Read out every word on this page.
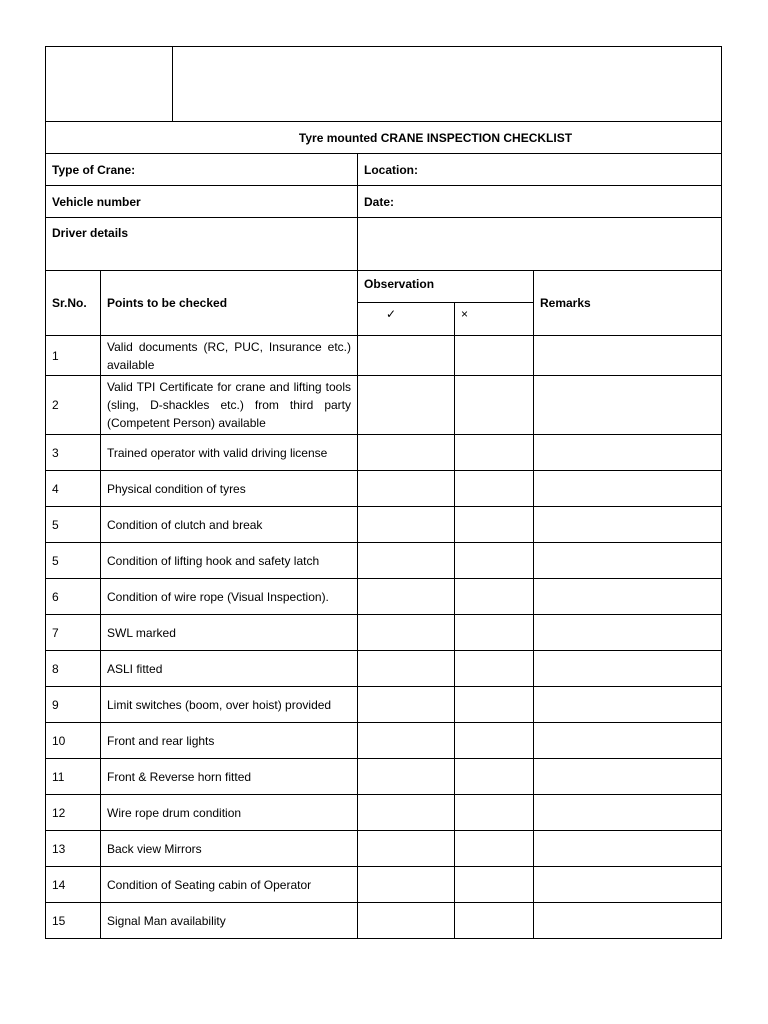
Tyre mounted CRANE INSPECTION CHECKLIST					
Type of Crane:			Location:		
Vehicle number			Date:		
Driver details					
Sr.No.	Points to be checked		Observation		Remarks
			✓	×	
1	Valid documents (RC, PUC, Insurance etc.) available				
2	Valid TPI Certificate for crane and lifting tools (sling, D-shackles etc.) from third party (Competent Person) available				
3	Trained operator with valid driving license				
4	Physical condition of tyres				
5	Condition of clutch and break				
5	Condition of lifting hook and safety latch				
6	Condition of wire rope (Visual Inspection).				
7	SWL marked				
8	ASLI fitted				
9	Limit switches (boom, over hoist) provided				
10	Front and rear lights				
11	Front & Reverse horn fitted				
12	Wire rope drum condition				
13	Back view Mirrors				
14	Condition of Seating cabin of Operator				
15	Signal Man availability				
